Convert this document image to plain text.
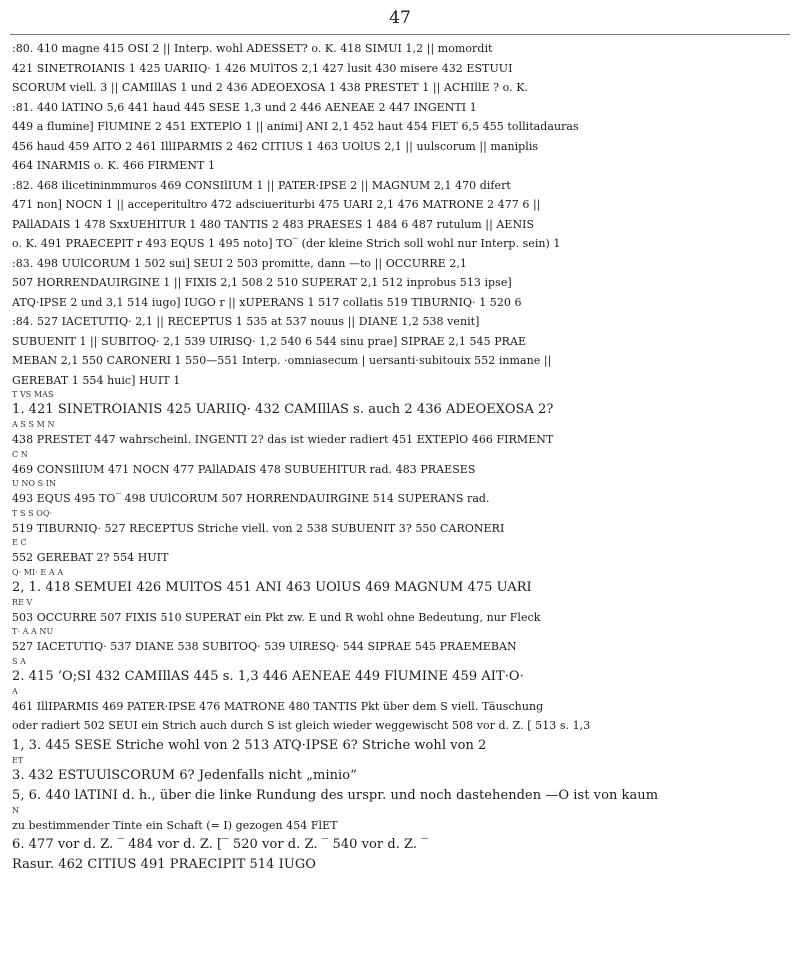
47
:80. 410 magne 415 OSI 2 || Interp. wohl ADESSET? o. K. 418 SIMUI 1,2 || momordit
421 SINETROIANIS 1 425 UARIIQ· 1 426 MUlTOS 2,1 427 lusit 430 misere 432 ESTUUI
SCORUM viell. 3 || CAMIllAS 1 und 2 436 ADEOEXOSA 1 438 PRESTET 1 || ACHIllE ? o. K.
:81. 440 lATINO 5,6 441 haud 445 SESE 1,3 und 2 446 AENEAE 2 447 INGENTI 1
449 a flumine] FlUMINE 2 451 EXTEPlO 1 || animi] ANI 2,1 452 haut 454 FlET 6,5 455 tollitadauras
456 haud 459 AITO 2 461 IllIPARMIS 2 462 CITIUS 1 463 UOlUS 2,1 || uulscorum || maniplis
464 INARMIS o. K. 466 FIRMENT 1
:82. 468 ilicetininmmuros 469 CONSIlIUM 1 || PATER·IPSE 2 || MAGNUM 2,1 470 difert
471 non] NOCN 1 || acceperitultro 472 adsciueriturbi 475 UARI 2,1 476 MATRONE 2 477 6 ||
PAllADAIS 1 478 SxxUEHITUR 1 480 TANTIS 2 483 PRAESES 1 484 6 487 rutulum || AENIS
o. K. 491 PRAECEPIT r 493 EQUS 1 495 noto] TO‾ (der kleine Strich soll wohl nur Interp. sein) 1
:83. 498 UUlCORUM 1 502 sui] SEUI 2 503 promitte, dann —to || OCCURRE 2,1
507 HORRENDAUIRGINE 1 || FIXIS 2,1 508 2 510 SUPERAT 2,1 512 inprobus 513 ipse]
ATQ·IPSE 2 und 3,1 514 iugo] IUGO r || xUPERANS 1 517 collatis 519 TIBURNIQ· 1 520 6
:84. 527 IACETUTIQ· 2,1 || RECEPTUS 1 535 at 537 nouus || DIANE 1,2 538 venit]
SUBUENIT 1 || SUBITOQ· 2,1 539 UIRISQ· 1,2 540 6 544 sinu prae] SIPRAE 2,1 545 PRAE
MEBAN 2,1 550 CARONERI 1 550—551 Interp. ·omniasecum | uersanti·subitouix 552 inmane ||
GEREBAT 1 554 huic] HUIT 1
T VS MAS
1. 421 SINETROIANIS 425 UARIIQ· 432 CAMIllAS s. auch 2 436 ADEOEXOSA 2?
A S S M N
438 PRESTET 447 wahrscheinl. INGENTI 2? das ist wieder radiert 451 EXTEPlO 466 FIRMENT
C N
469 CONSIlIUM 471 NOCN 477 PAllADAIS 478 SUBUEHITUR rad. 483 PRAESES
U NO S IN
493 EQUS 495 TO‾ 498 UUlCORUM 507 HORRENDAUIRGINE 514 SUPERANS rad.
T S S OQ·
519 TIBURNIQ· 527 RECEPTUS Striche viell. von 2 538 SUBUENIT 3? 550 CARONERI
E C
552 GEREBAT 2? 554 HUIT
Q· MI· E A A
2, 1. 418 SEMUEI 426 MUlTOS 451 ANI 463 UOlUS 469 MAGNUM 475 UARI
RE V
503 OCCURRE 507 FIXIS 510 SUPERAT ein Pkt zw. E und R wohl ohne Bedeutung, nur Fleck
T· A A NU
527 IACETUTIQ· 537 DIANE 538 SUBITOQ· 539 UIRESQ· 544 SIPRAE 545 PRAEMEBAN
S A
2. 415 ’O;SI 432 CAMIllAS 445 s. 1,3 446 AENEAE 449 FlUMINE 459 AIT·O·
A
461 IllIPARMIS 469 PATER·IPSE 476 MATRONE 480 TANTIS Pkt über dem S viell. Täuschung
oder radiert 502 SEUI ein Strich auch durch S ist gleich wieder weggewischt 508 vor d. Z. [ 513 s. 1,3
1, 3. 445 SESE Striche wohl von 2 513 ATQ·IPSE 6? Striche wohl von 2
ET
3. 432 ESTUUlSCORUM 6? Jedenfalls nicht „minio“
5, 6. 440 lATINI d. h., über die linke Rundung des urspr. und noch dastehenden —O ist von kaum
N
zu bestimmender Tinte ein Schaft (= I) gezogen 454 FlET
6. 477 vor d. Z. ‾ 484 vor d. Z. [‾ 520 vor d. Z. ‾ 540 vor d. Z. ‾
Rasur. 462 CITIUS 491 PRAECIPIT 514 IUGO
